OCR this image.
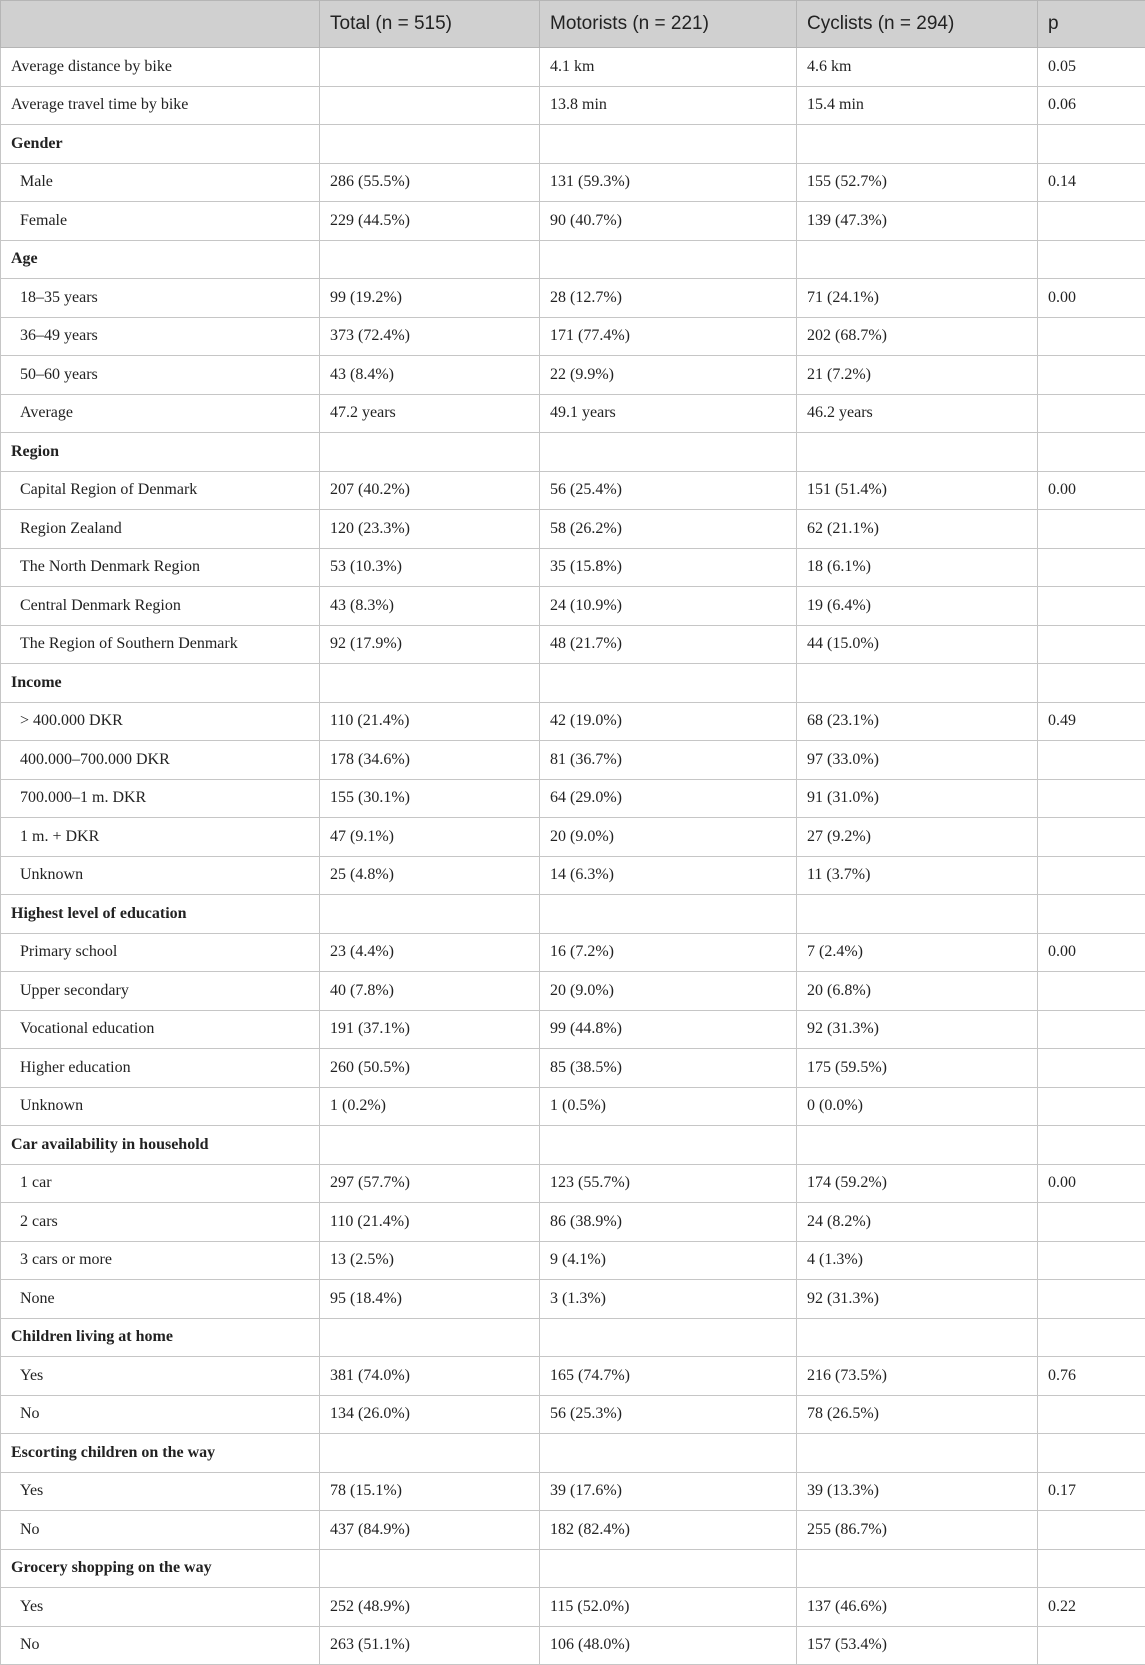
	Total (n = 515)	Motorists (n = 221)	Cyclists (n = 294)	p
Average distance by bike		4.1 km	4.6 km	0.05
Average travel time by bike		13.8 min	15.4 min	0.06
Gender				
Male	286 (55.5%)	131 (59.3%)	155 (52.7%)	0.14
Female	229 (44.5%)	90 (40.7%)	139 (47.3%)	
Age				
18–35 years	99 (19.2%)	28 (12.7%)	71 (24.1%)	0.00
36–49 years	373 (72.4%)	171 (77.4%)	202 (68.7%)	
50–60 years	43 (8.4%)	22 (9.9%)	21 (7.2%)	
Average	47.2 years	49.1 years	46.2 years	
Region				
Capital Region of Denmark	207 (40.2%)	56 (25.4%)	151 (51.4%)	0.00
Region Zealand	120 (23.3%)	58 (26.2%)	62 (21.1%)	
The North Denmark Region	53 (10.3%)	35 (15.8%)	18 (6.1%)	
Central Denmark Region	43 (8.3%)	24 (10.9%)	19 (6.4%)	
The Region of Southern Denmark	92 (17.9%)	48 (21.7%)	44 (15.0%)	
Income				
> 400.000 DKR	110 (21.4%)	42 (19.0%)	68 (23.1%)	0.49
400.000–700.000 DKR	178 (34.6%)	81 (36.7%)	97 (33.0%)	
700.000–1 m. DKR	155 (30.1%)	64 (29.0%)	91 (31.0%)	
1 m. + DKR	47 (9.1%)	20 (9.0%)	27 (9.2%)	
Unknown	25 (4.8%)	14 (6.3%)	11 (3.7%)	
Highest level of education				
Primary school	23 (4.4%)	16 (7.2%)	7 (2.4%)	0.00
Upper secondary	40 (7.8%)	20 (9.0%)	20 (6.8%)	
Vocational education	191 (37.1%)	99 (44.8%)	92 (31.3%)	
Higher education	260 (50.5%)	85 (38.5%)	175 (59.5%)	
Unknown	1 (0.2%)	1 (0.5%)	0 (0.0%)	
Car availability in household				
1 car	297 (57.7%)	123 (55.7%)	174 (59.2%)	0.00
2 cars	110 (21.4%)	86 (38.9%)	24 (8.2%)	
3 cars or more	13 (2.5%)	9 (4.1%)	4 (1.3%)	
None	95 (18.4%)	3 (1.3%)	92 (31.3%)	
Children living at home				
Yes	381 (74.0%)	165 (74.7%)	216 (73.5%)	0.76
No	134 (26.0%)	56 (25.3%)	78 (26.5%)	
Escorting children on the way				
Yes	78 (15.1%)	39 (17.6%)	39 (13.3%)	0.17
No	437 (84.9%)	182 (82.4%)	255 (86.7%)	
Grocery shopping on the way				
Yes	252 (48.9%)	115 (52.0%)	137 (46.6%)	0.22
No	263 (51.1%)	106 (48.0%)	157 (53.4%)	
